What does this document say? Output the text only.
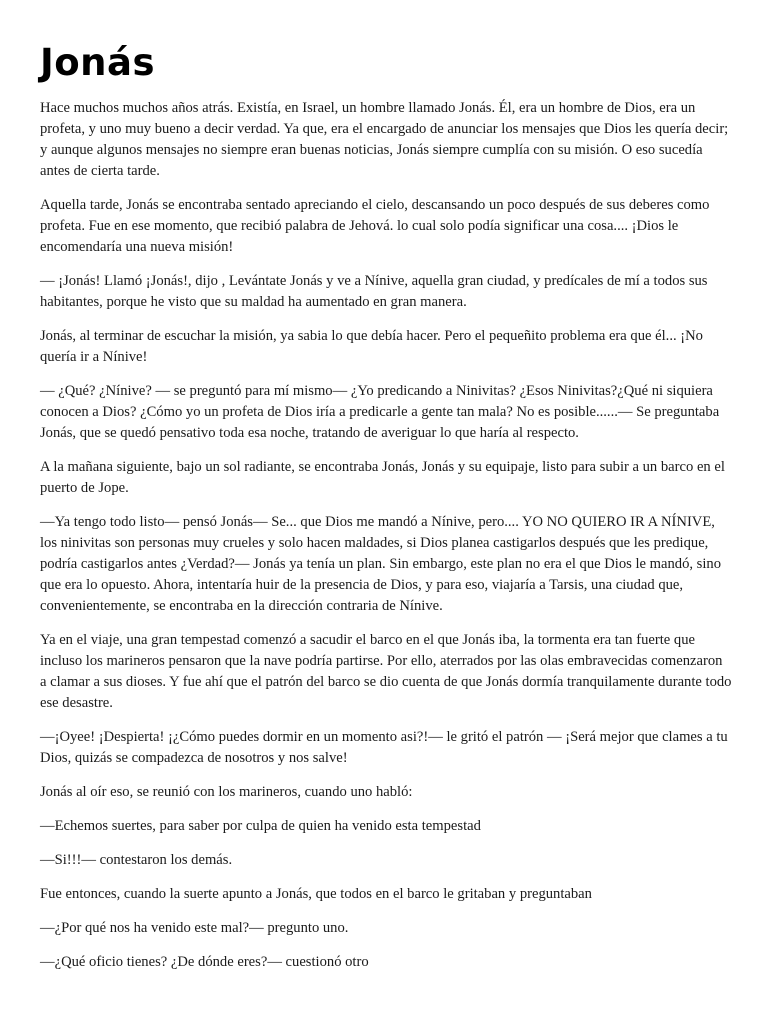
Jonás

Hace muchos muchos años atrás. Existía, en Israel, un hombre llamado Jonás. Él, era un hombre de Dios, era un profeta, y uno muy bueno a decir verdad. Ya que, era el encargado de anunciar los mensajes que Dios les quería decir; y aunque algunos mensajes no siempre eran buenas noticias, Jonás siempre cumplía con su misión. O eso sucedía antes de cierta tarde.

Aquella tarde, Jonás se encontraba sentado apreciando el cielo, descansando un poco después de sus deberes como profeta. Fue en ese momento, que recibió palabra de Jehová. lo cual solo podía significar una cosa.... ¡Dios le encomendaría una nueva misión!

— ¡Jonás! Llamó ¡Jonás!, dijo , Levántate Jonás y ve a Nínive, aquella gran ciudad, y predícales de mí a todos sus habitantes, porque he visto que su maldad ha aumentado en gran manera.

Jonás, al terminar de escuchar la misión, ya sabia lo que debía hacer. Pero el pequeñito problema era que él... ¡No quería ir a Nínive!

— ¿Qué? ¿Nínive? — se preguntó para mí mismo— ¿Yo predicando a Ninivitas? ¿Esos Ninivitas?¿Qué ni siquiera conocen a Dios? ¿Cómo yo un profeta de Dios iría a predicarle a gente tan mala? No es posible......— Se preguntaba Jonás, que se quedó pensativo toda esa noche, tratando de averiguar lo que haría al respecto.

A la mañana siguiente, bajo un sol radiante, se encontraba Jonás, Jonás y su equipaje, listo para subir a un barco en el puerto de Jope.

—Ya tengo todo listo— pensó Jonás— Se... que Dios me mandó a Nínive, pero.... YO NO QUIERO IR A NÍNIVE, los ninivitas son personas muy crueles y solo hacen maldades, si Dios planea castigarlos después que les predique, podría castigarlos antes ¿Verdad?— Jonás ya tenía un plan. Sin embargo, este plan no era el que Dios le mandó, sino que era lo opuesto. Ahora, intentaría huir de la presencia de Dios, y para eso, viajaría a Tarsis, una ciudad que, convenientemente, se encontraba en la dirección contraria de Nínive.

Ya en el viaje, una gran tempestad comenzó a sacudir el barco en el que Jonás iba, la tormenta era tan fuerte que incluso los marineros pensaron que la nave podría partirse. Por ello, aterrados por las olas embravecidas comenzaron a clamar a sus dioses. Y fue ahí que el patrón del barco se dio cuenta de que Jonás dormía tranquilamente durante todo ese desastre.

—¡Oyee! ¡Despierta! ¡¿Cómo puedes dormir en un momento asi?!— le gritó el patrón — ¡Será mejor que clames a tu Dios, quizás se compadezca de nosotros y nos salve!

Jonás al oír eso, se reunió con los marineros, cuando uno habló:

—Echemos suertes, para saber por culpa de quien ha venido esta tempestad

—Si!!!— contestaron los demás.

Fue entonces, cuando la suerte apunto a Jonás, que todos en el barco le gritaban y preguntaban

—¿Por qué nos ha venido este mal?— pregunto uno.

—¿Qué oficio tienes? ¿De dónde eres?— cuestionó otro
